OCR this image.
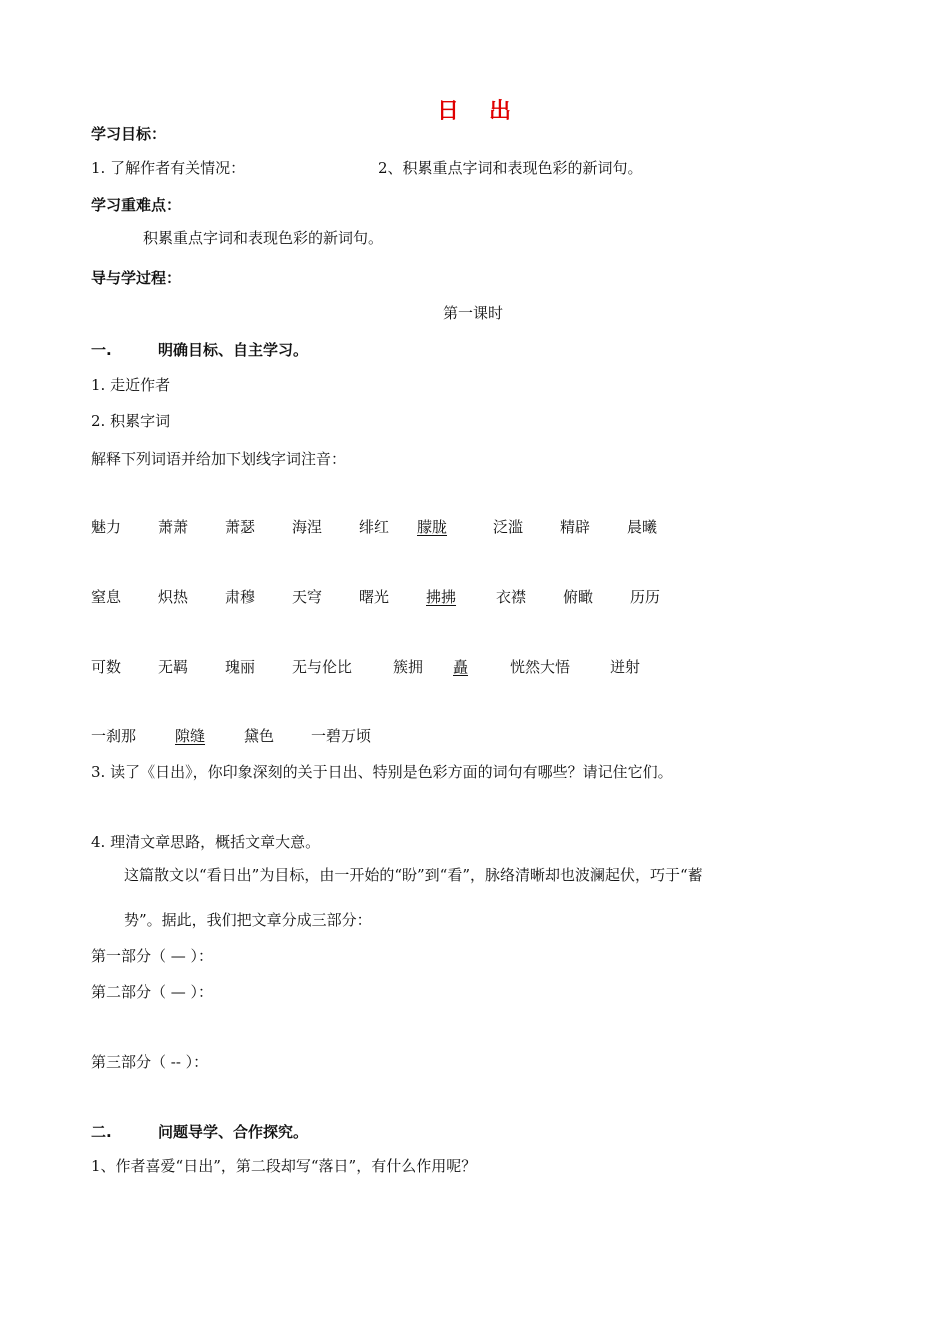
日 出
学习目标：
1. 了解作者有关情况：	2、积累重点字词和表现色彩的新词句。
学习重难点：
积累重点字词和表现色彩的新词句。
导与学过程：
第一课时
一.	明确目标、自主学习。
1. 走近作者
2. 积累字词
解释下列词语并给加下划线字词注音：
魅力 萧萧 萧瑟 海涅 绯红 朦胧	泛滥 精辟 晨曦
窒息 炽热 肃穆 天穹 曙光 拂拂	衣襟 俯瞰 历历
可数 无羁 瑰丽 无与伦比	簇拥 矗	恍然大悟	迸射
一刹那	隙缝	黛色 一碧万顷
3. 读了《日出》，你印象深刻的关于日出、特别是色彩方面的词句有哪些？请记住它们。
4. 理清文章思路，概括文章大意。
这篇散文以“看日出”为目标，由一开始的“盼”到“看”，脉络清晰却也波澜起伏，巧于“蓄
势”。据此，我们把文章分成三部分：
第一部分（ — ）：
第二部分（ — ）：
第三部分（ -- ）：
二.	问题导学、合作探究。
1、作者喜爱“日出”，第二段却写“落日”，有什么作用呢？
